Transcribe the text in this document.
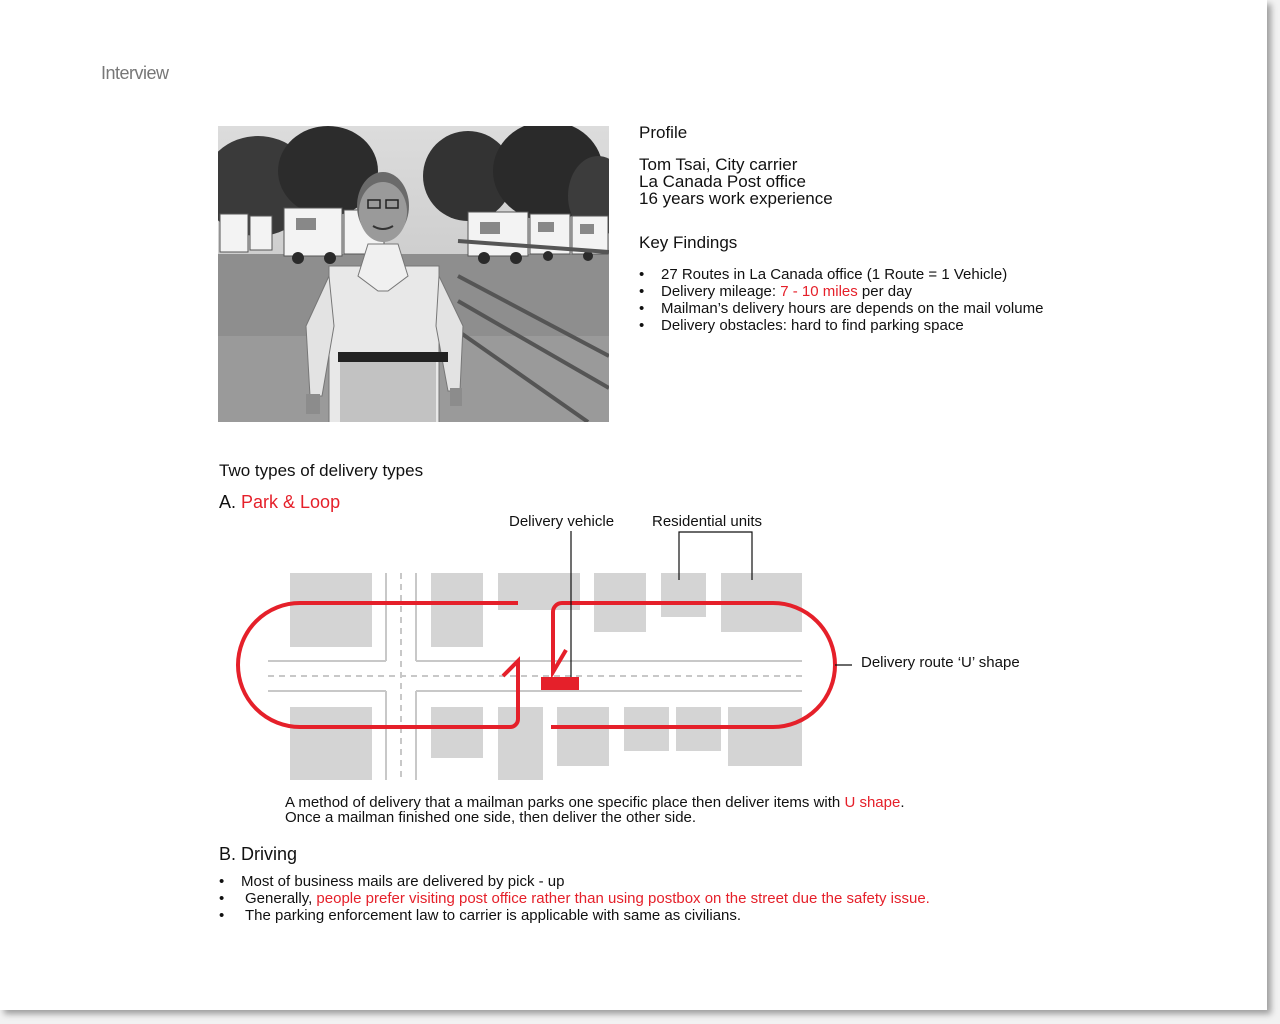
Interview
Profile
Tom Tsai, City carrier
La Canada Post office
16 years work experience
Key Findings
• 27 Routes in La Canada office (1 Route = 1 Vehicle)
• Delivery mileage: 7 - 10 miles per day
• Mailman’s delivery hours are depends on the mail volume
• Delivery obstacles: hard to find parking space
Two types of delivery types
A. Park & Loop
Delivery vehicle	Residential units
Delivery route ‘U’ shape
A method of delivery that a mailman parks one specific place then deliver items with U shape.
Once a mailman finished one side, then deliver the other side.
B. Driving
• Most of business mails are delivered by pick - up
• Generally, people prefer visiting post office rather than using postbox on the street due the safety issue.
• The parking enforcement law to carrier is applicable with same as civilians.
